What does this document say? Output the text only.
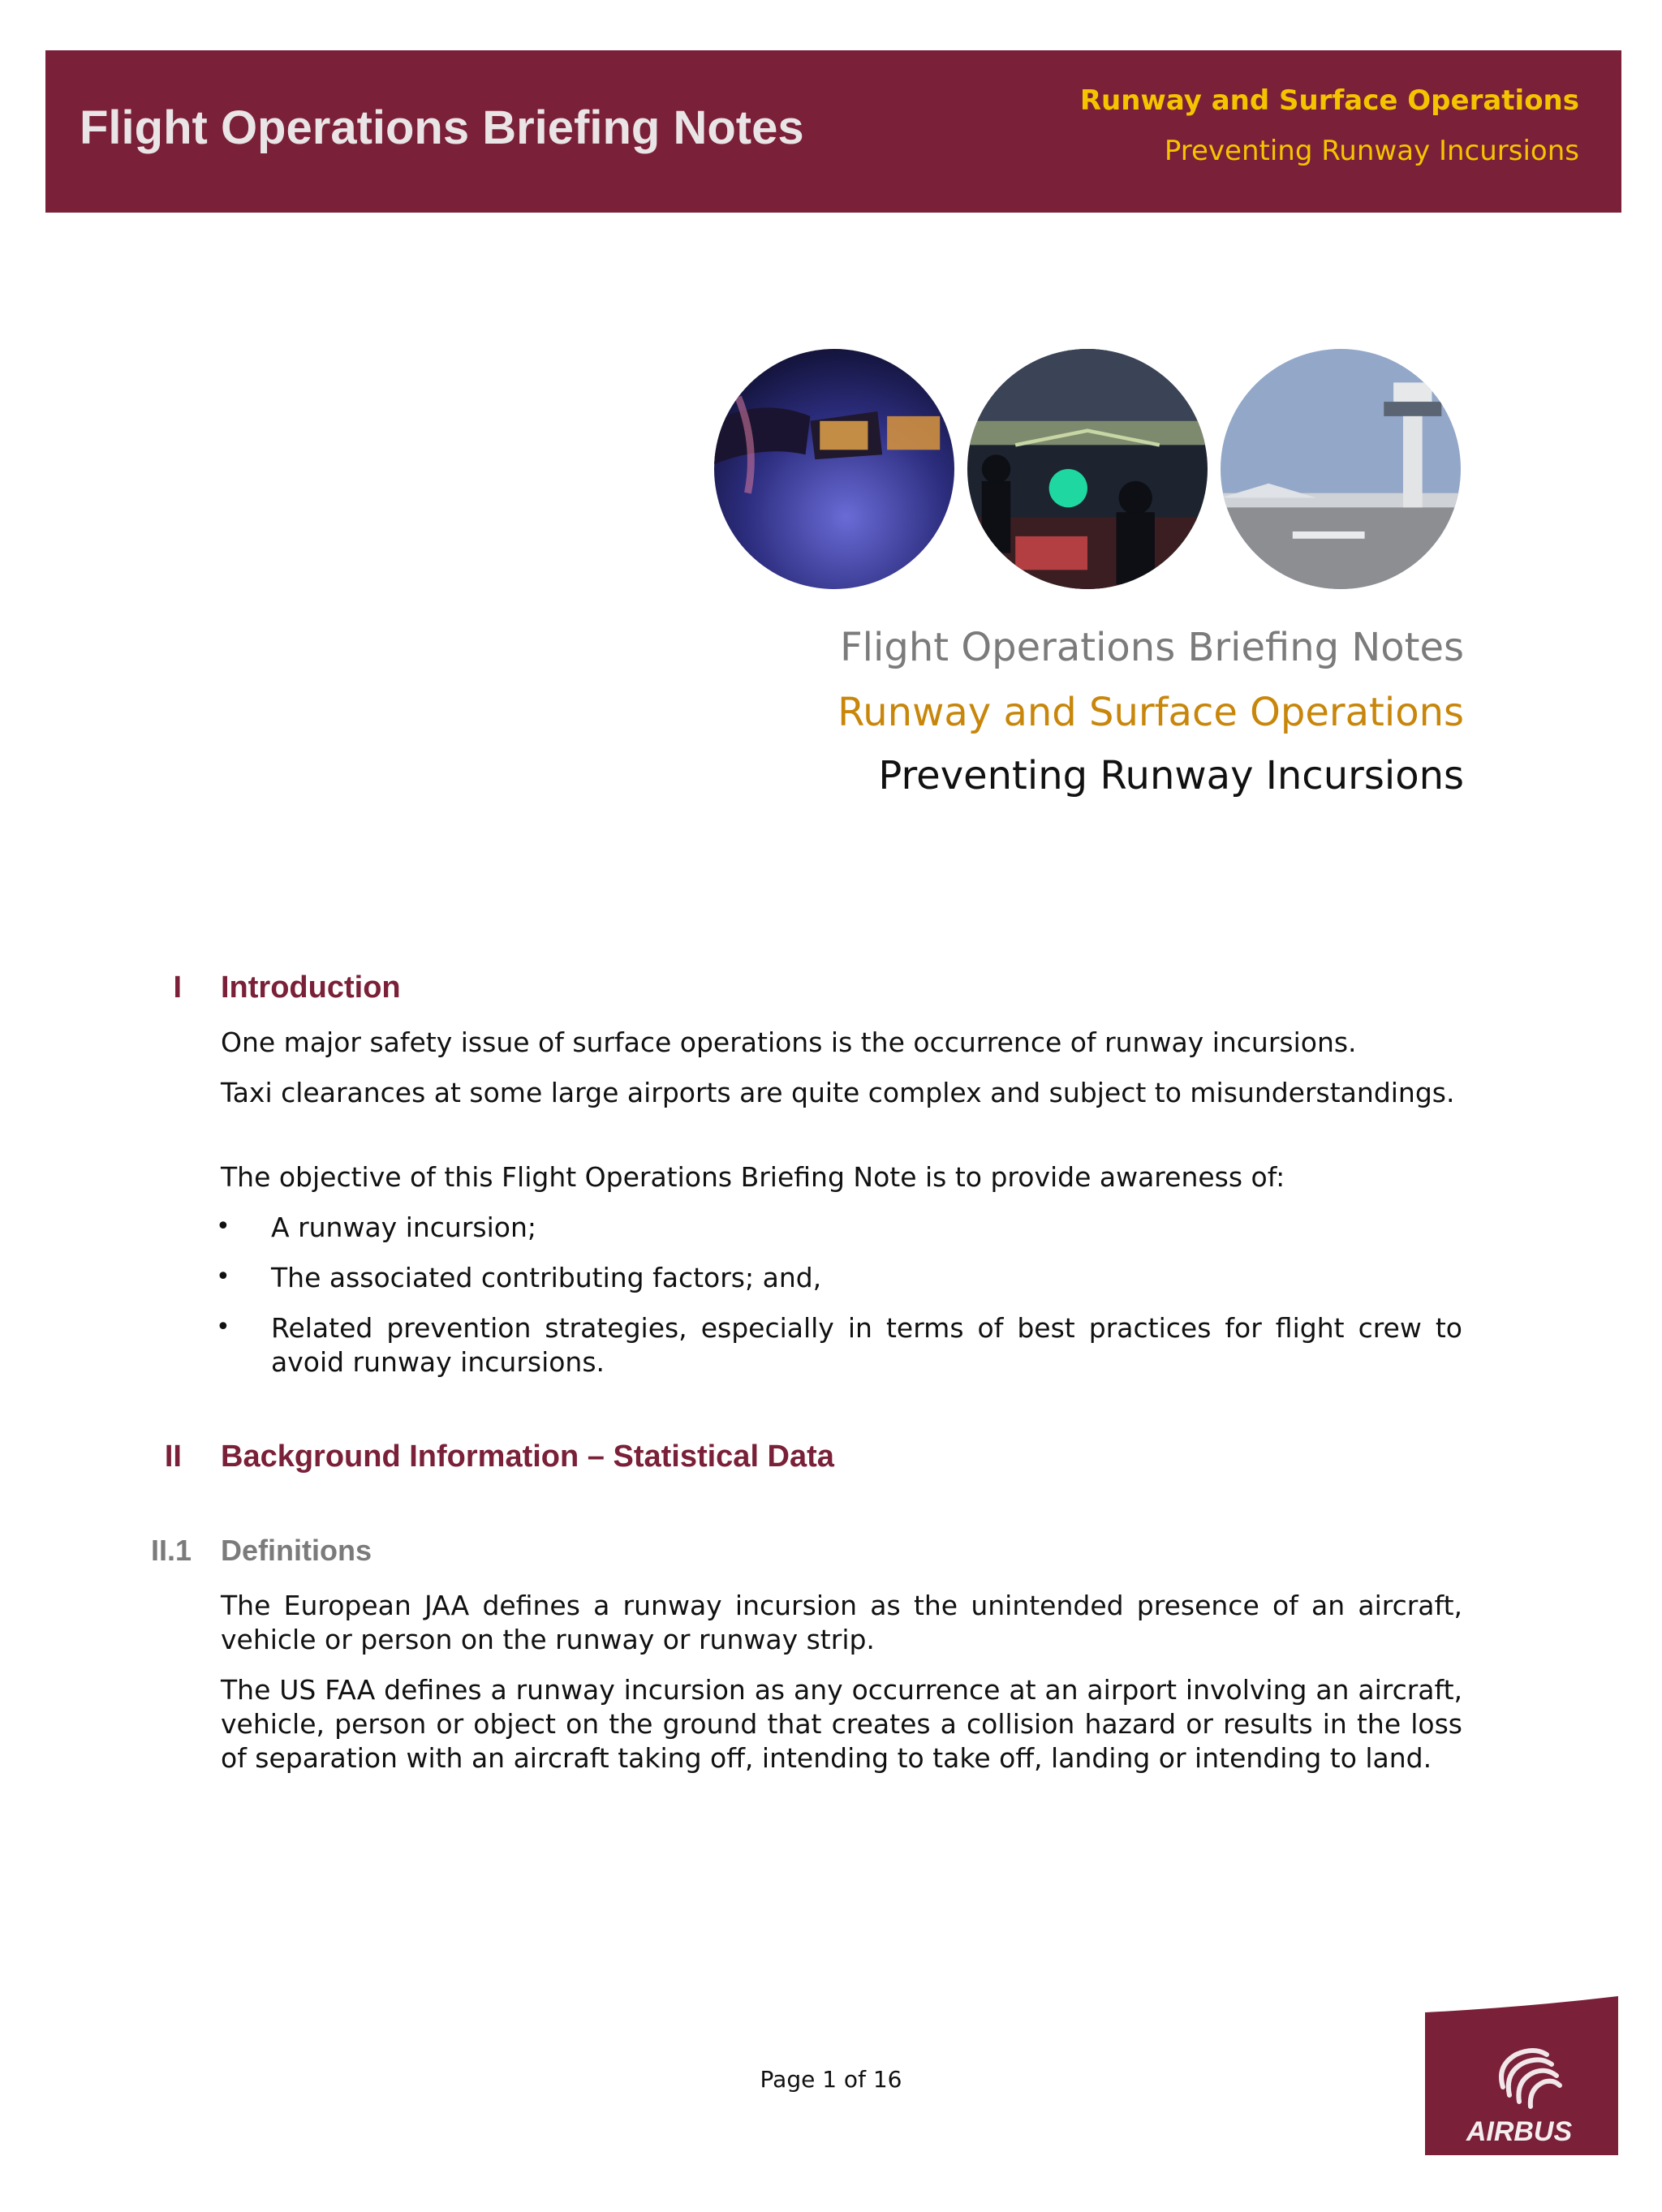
Flight Operations Briefing Notes
Runway and Surface Operations
Preventing Runway Incursions
Flight Operations Briefing Notes
Runway and Surface Operations
Preventing Runway Incursions
I Introduction

One major safety issue of surface operations is the occurrence of runway incursions.

Taxi clearances at some large airports are quite complex and subject to misunderstandings.

The objective of this Flight Operations Briefing Note is to provide awareness of:

• A runway incursion;

• The associated contributing factors; and,

• Related prevention strategies, especially in terms of best practices for flight crew to avoid runway incursions.

II Background Information – Statistical Data
II.1 Definitions

The European JAA defines a runway incursion as the unintended presence of an aircraft, vehicle or person on the runway or runway strip.

The US FAA defines a runway incursion as any occurrence at an airport involving an aircraft, vehicle, person or object on the ground that creates a collision hazard or results in the loss of separation with an aircraft taking off, intending to take off, landing or intending to land.

Page 1 of 16
AIRBUS
